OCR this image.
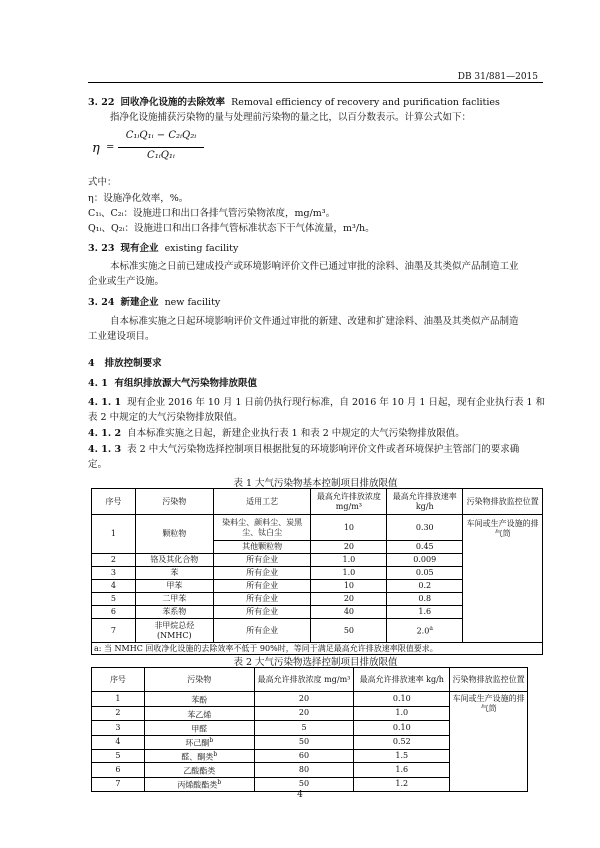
DB 31/881—2015
3. 22 回收净化设施的去除效率 Removal efficiency of recovery and purification faclities
指净化设施捕获污染物的量与处理前污染物的量之比，以百分数表示。计算公式如下：
η =
C₁ᵢQ₁ᵢ − C₂ᵢQ₂ᵢ
C₁ᵢQ₁ᵢ
式中：
η：设施净化效率，%。
C₁ᵢ、C₂ᵢ：设施进口和出口各排气管污染物浓度，mg/m³。
Q₁ᵢ、Q₂ᵢ：设施进口和出口各排气管标准状态下干气体流量，m³/h。
3. 23 现有企业 existing facility
本标准实施之日前已建成投产或环境影响评价文件已通过审批的涂料、油墨及其类似产品制造工业
企业或生产设施。
3. 24 新建企业 new facility
自本标准实施之日起环境影响评价文件通过审批的新建、改建和扩建涂料、油墨及其类似产品制造
工业建设项目。
4 排放控制要求
4. 1 有组织排放源大气污染物排放限值
4. 1. 1 现有企业 2016 年 10 月 1 日前仍执行现行标准，自 2016 年 10 月 1 日起，现有企业执行表 1 和
表 2 中规定的大气污染物排放限值。
4. 1. 2 自本标准实施之日起，新建企业执行表 1 和表 2 中规定的大气污染物排放限值。
4. 1. 3 表 2 中大气污染物选择控制项目根据批复的环境影响评价文件或者环境保护主管部门的要求确
定。
表 1 大气污染物基本控制项目排放限值
序号	污染物	适用工艺	最高允许排放浓度 mg/m³	最高允许排放速率 kg/h	污染物排放监控位置
1	颗粒物	染料尘、颜料尘、炭黑尘、钛白尘	10	0.30	车间或生产设施的排气筒
		其他颗粒物	20	0.45	
2	铬及其化合物	所有企业	1.0	0.009	
3	苯	所有企业	1.0	0.05	
4	甲苯	所有企业	10	0.2	
5	二甲苯	所有企业	20	0.8	
6	苯系物	所有企业	40	1.6	
7	非甲烷总烃
(NMHC)	所有企业	50	2.0$^a$
a: 当 NMHC 回收净化设施的去除效率不低于 90%时，等同于满足最高允许排放速率限值要求。					
表 2 大气污染物选择控制项目排放限值
序号	污染物	最高允许排放浓度 mg/m³	最高允许排放速率 kg/h	污染物排放监控位置
1	苯酚	20	0.10	车间或生产设施的排气筒
2	苯乙烯	20	1.0	
3	甲醛	5	0.10	
4	环己酮$^b$	50	0.52	
5	醛、酮类$^b$	60	1.5	
6	乙酸酯类	80	1.6	
7	丙烯酸酯类$^b$	50	1.2	
4
